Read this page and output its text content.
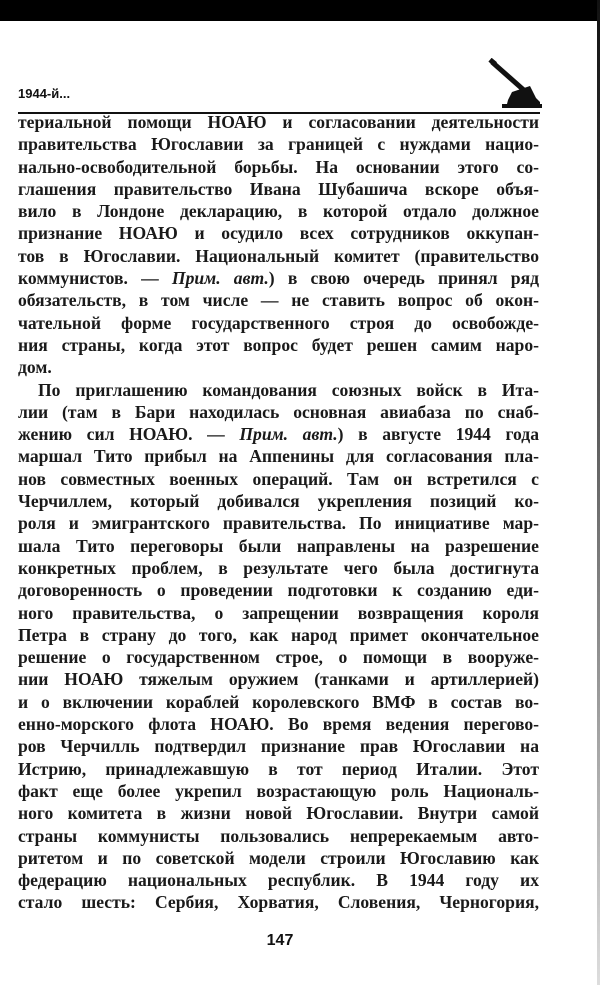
1944-й...
териальной помощи НОАЮ и согласовании деятельности
правительства Югославии за границей с нуждами нацио-
нально-освободительной борьбы. На основании этого со-
глашения правительство Ивана Шубашича вскоре объя-
вило в Лондоне декларацию, в которой отдало должное
признание НОАЮ и осудило всех сотрудников оккупан-
тов в Югославии. Национальный комитет (правительство
коммунистов. — Прим. авт.) в свою очередь принял ряд
обязательств, в том числе — не ставить вопрос об окон-
чательной форме государственного строя до освобожде-
ния страны, когда этот вопрос будет решен самим наро-
дом.
По приглашению командования союзных войск в Ита-
лии (там в Бари находилась основная авиабаза по снаб-
жению сил НОАЮ. — Прим. авт.) в августе 1944 года
маршал Тито прибыл на Аппенины для согласования пла-
нов совместных военных операций. Там он встретился с
Черчиллем, который добивался укрепления позиций ко-
роля и эмигрантского правительства. По инициативе мар-
шала Тито переговоры были направлены на разрешение
конкретных проблем, в результате чего была достигнута
договоренность о проведении подготовки к созданию еди-
ного правительства, о запрещении возвращения короля
Петра в страну до того, как народ примет окончательное
решение о государственном строе, о помощи в вооруже-
нии НОАЮ тяжелым оружием (танками и артиллерией)
и о включении кораблей королевского ВМФ в состав во-
енно-морского флота НОАЮ. Во время ведения перегово-
ров Черчилль подтвердил признание прав Югославии на
Истрию, принадлежавшую в тот период Италии. Этот
факт еще более укрепил возрастающую роль Националь-
ного комитета в жизни новой Югославии. Внутри самой
страны коммунисты пользовались непререкаемым авто-
ритетом и по советской модели строили Югославию как
федерацию национальных республик. В 1944 году их
стало шесть: Сербия, Хорватия, Словения, Черногория,
147
